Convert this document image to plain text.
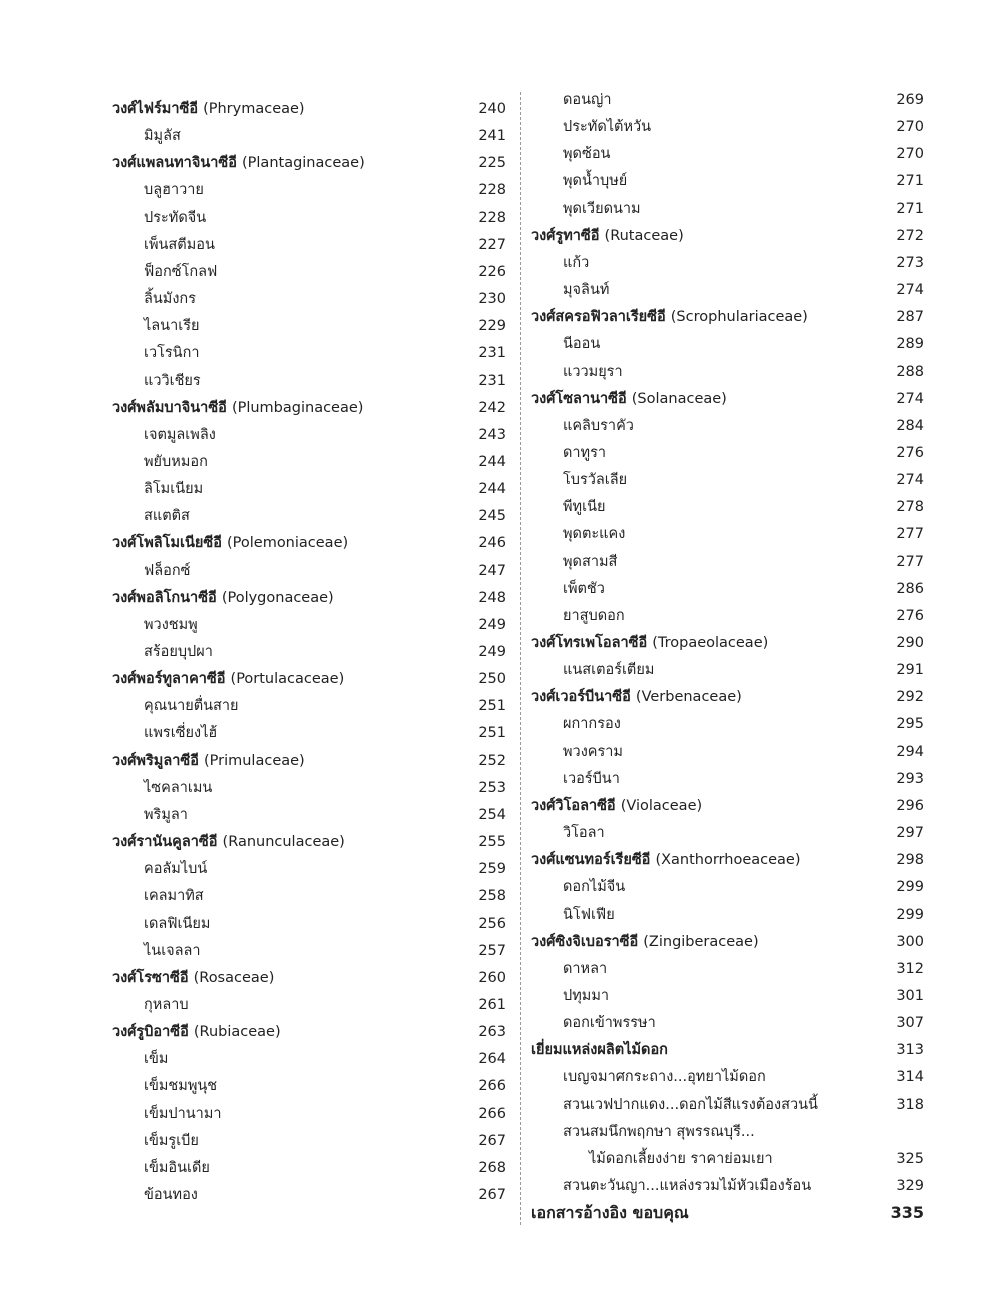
วงศ์ไฟร์มาซีอี (Phrymaceae)	240
มิมูลัส	241
วงศ์แพลนทาจินาซีอี (Plantaginaceae)	225
บลูฮาวาย	228
ประทัดจีน	228
เพ็นสตีมอน	227
ฟ็อกซ์โกลฟ	226
ลิ้นมังกร	230
ไลนาเรีย	229
เวโรนิกา	231
แววิเชียร	231
วงศ์พลัมบาจินาซีอี (Plumbaginaceae)	242
เจตมูลเพลิง	243
พยับหมอก	244
ลิโมเนียม	244
สแตติส	245
วงศ์โพลิโมเนียซีอี (Polemoniaceae)	246
ฟล็อกซ์	247
วงศ์พอลิโกนาซีอี (Polygonaceae)	248
พวงชมพู	249
สร้อยบุปผา	249
วงศ์พอร์ทูลาคาซีอี (Portulacaceae)	250
คุณนายตื่นสาย	251
แพรเซี่ยงไฮ้	251
วงศ์พริมูลาซีอี (Primulaceae)	252
ไซคลาเมน	253
พริมูลา	254
วงศ์รานันคูลาซีอี (Ranunculaceae)	255
คอลัมไบน์	259
เคลมาทิส	258
เดลฟิเนียม	256
ไนเจลลา	257
วงศ์โรซาซีอี (Rosaceae)	260
กุหลาบ	261
วงศ์รูบิอาซีอี (Rubiaceae)	263
เข็ม	264
เข็มชมพูนุช	266
เข็มปานามา	266
เข็มรูเบีย	267
เข็มอินเดีย	268
ข้อนทอง	267
ดอนญ่า	269
ประทัดไต้หวัน	270
พุดซ้อน	270
พุดน้ำบุษย์	271
พุดเวียดนาม	271
วงศ์รูทาซีอี (Rutaceae)	272
แก้ว	273
มุจลินท์	274
วงศ์สครอฟิวลาเรียซีอี (Scrophulariaceae)	287
นีออน	289
แววมยุรา	288
วงศ์โซลานาซีอี (Solanaceae)	274
แคลิบราคัว	284
ดาทูรา	276
โบรวัลเลีย	274
พีทูเนีย	278
พุดตะแคง	277
พุดสามสี	277
เพ็ตชัว	286
ยาสูบดอก	276
วงศ์โทรเพโอลาซีอี (Tropaeolaceae)	290
แนสเตอร์เตียม	291
วงศ์เวอร์บีนาซีอี (Verbenaceae)	292
ผกากรอง	295
พวงคราม	294
เวอร์บีนา	293
วงศ์วิโอลาซีอี (Violaceae)	296
วิโอลา	297
วงศ์แซนทอร์เรียซีอี (Xanthorrhoeaceae)	298
ดอกไม้จีน	299
นิโฟเฟีย	299
วงศ์ซิงจิเบอราซีอี (Zingiberaceae)	300
ดาหลา	312
ปทุมมา	301
ดอกเข้าพรรษา	307
เยี่ยมแหล่งผลิตไม้ดอก	313
เบญจมาศกระถาง...อุทยาไม้ดอก	314
สวนเวฟปากแดง...ดอกไม้สีแรงต้องสวนนี้	318
สวนสมนึกพฤกษา สุพรรณบุรี...
ไม้ดอกเลี้ยงง่าย ราคาย่อมเยา	325
สวนตะวันญา...แหล่งรวมไม้หัวเมืองร้อน	329
เอกสารอ้างอิง ขอบคุณ	335
